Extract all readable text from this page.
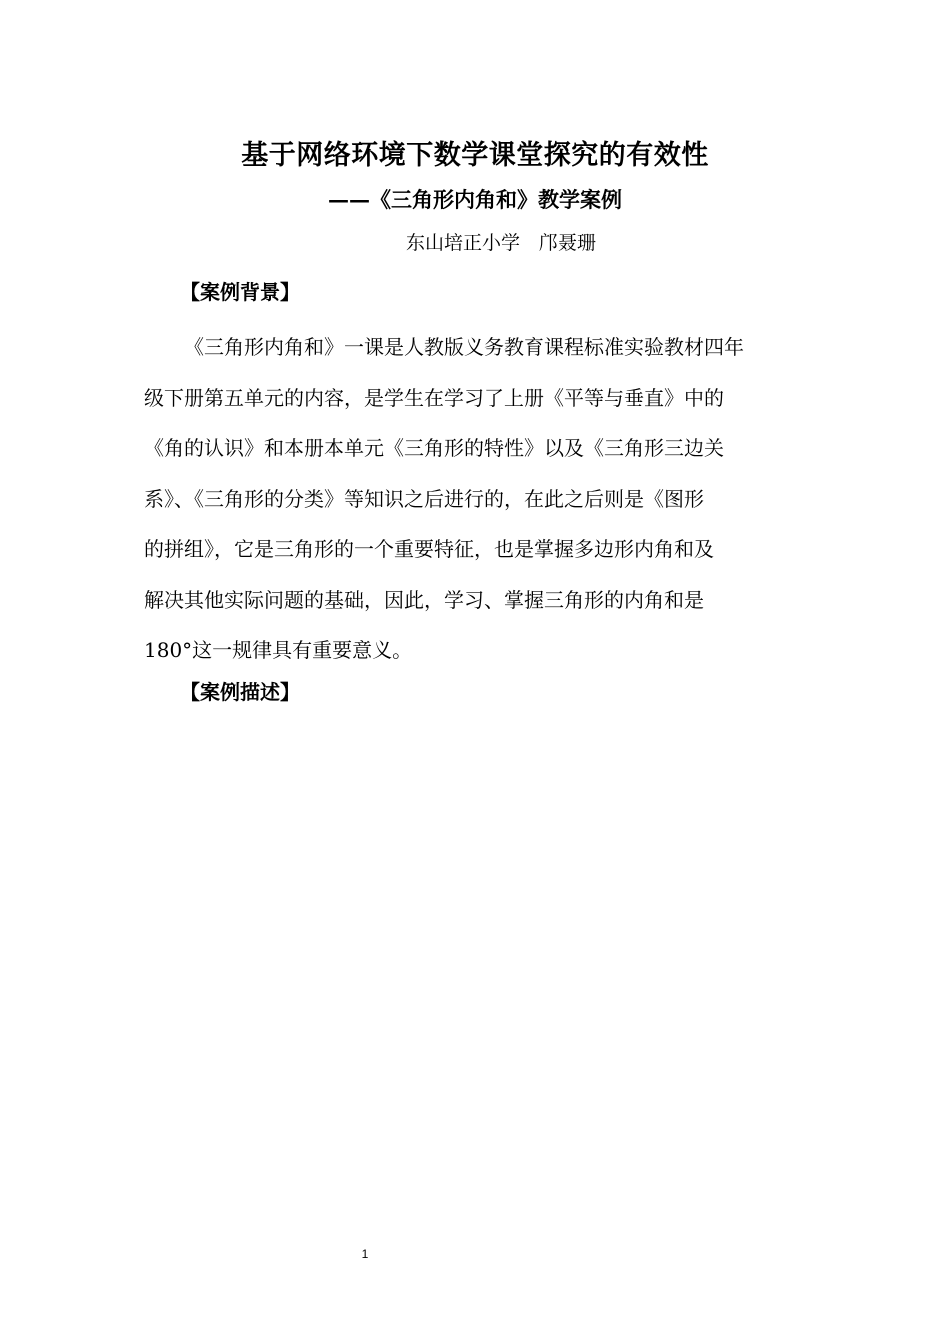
基于网络环境下数学课堂探究的有效性
——《三角形内角和》教学案例
东山培正小学　邝聂珊
【案例背景】
《三角形内角和》一课是人教版义务教育课程标准实验教材四年
级下册第五单元的内容，是学生在学习了上册《平等与垂直》中的
《角的认识》和本册本单元《三角形的特性》以及《三角形三边关
系》、《三角形的分类》等知识之后进行的，在此之后则是《图形
的拼组》，它是三角形的一个重要特征，也是掌握多边形内角和及
解决其他实际问题的基础，因此，学习、掌握三角形的内角和是
180°这一规律具有重要意义。
【案例描述】
1
